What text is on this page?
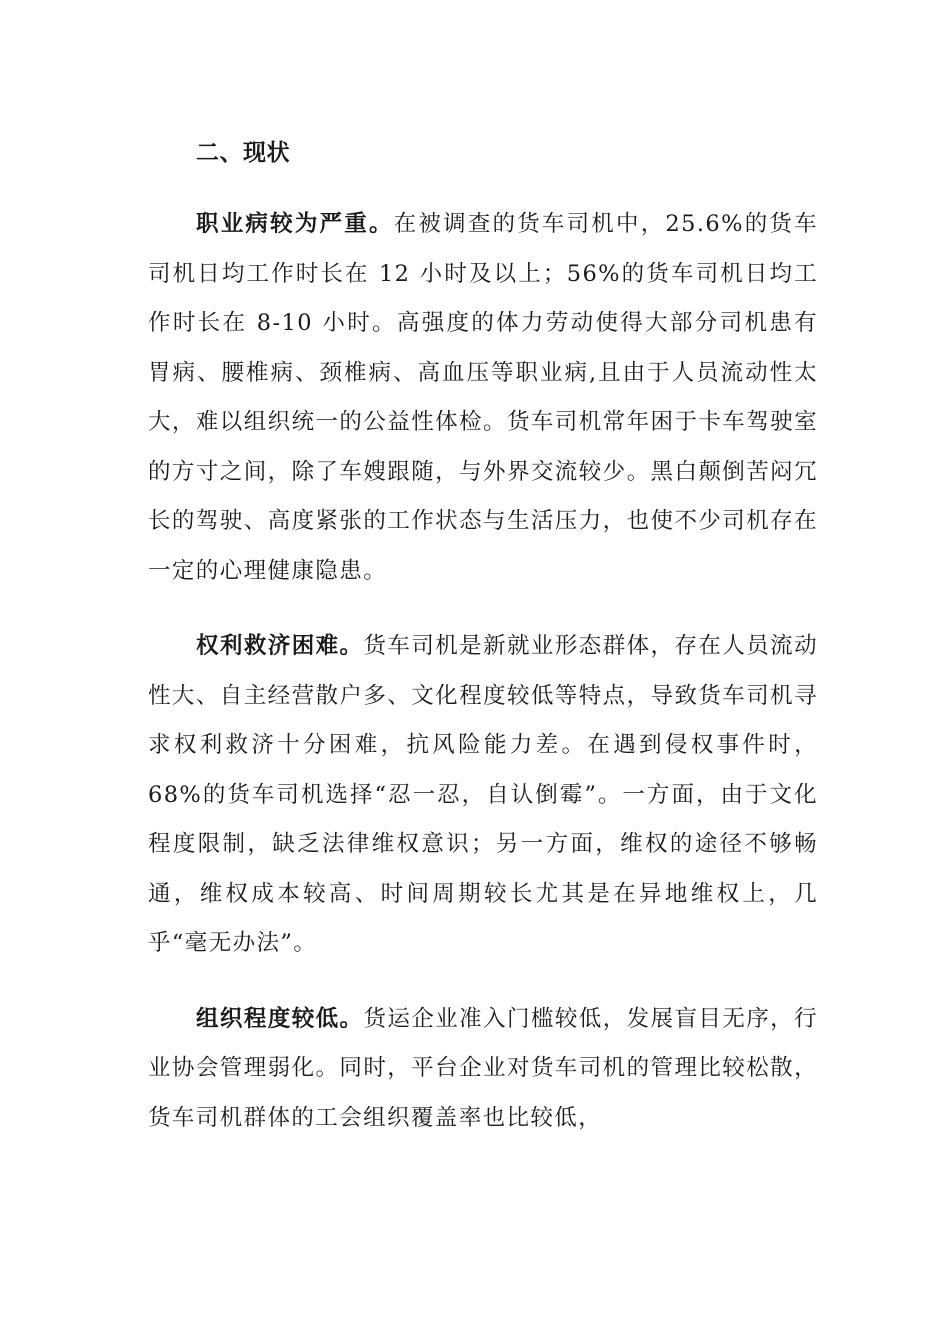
二、现状

职业病较为严重。在被调查的货车司机中，25.6%的货车司机日均工作时长在 12 小时及以上；56%的货车司机日均工作时长在 8-10 小时。高强度的体力劳动使得大部分司机患有胃病、腰椎病、颈椎病、高血压等职业病,且由于人员流动性太大，难以组织统一的公益性体检。货车司机常年困于卡车驾驶室的方寸之间，除了车嫂跟随，与外界交流较少。黑白颠倒苦闷冗长的驾驶、高度紧张的工作状态与生活压力，也使不少司机存在一定的心理健康隐患。

权利救济困难。货车司机是新就业形态群体，存在人员流动性大、自主经营散户多、文化程度较低等特点，导致货车司机寻求权利救济十分困难，抗风险能力差。在遇到侵权事件时，68%的货车司机选择“忍一忍，自认倒霉”。一方面，由于文化程度限制，缺乏法律维权意识；另一方面，维权的途径不够畅通，维权成本较高、时间周期较长尤其是在异地维权上，几乎“毫无办法”。

组织程度较低。货运企业准入门槛较低，发展盲目无序，行业协会管理弱化。同时，平台企业对货车司机的管理比较松散，货车司机群体的工会组织覆盖率也比较低，
